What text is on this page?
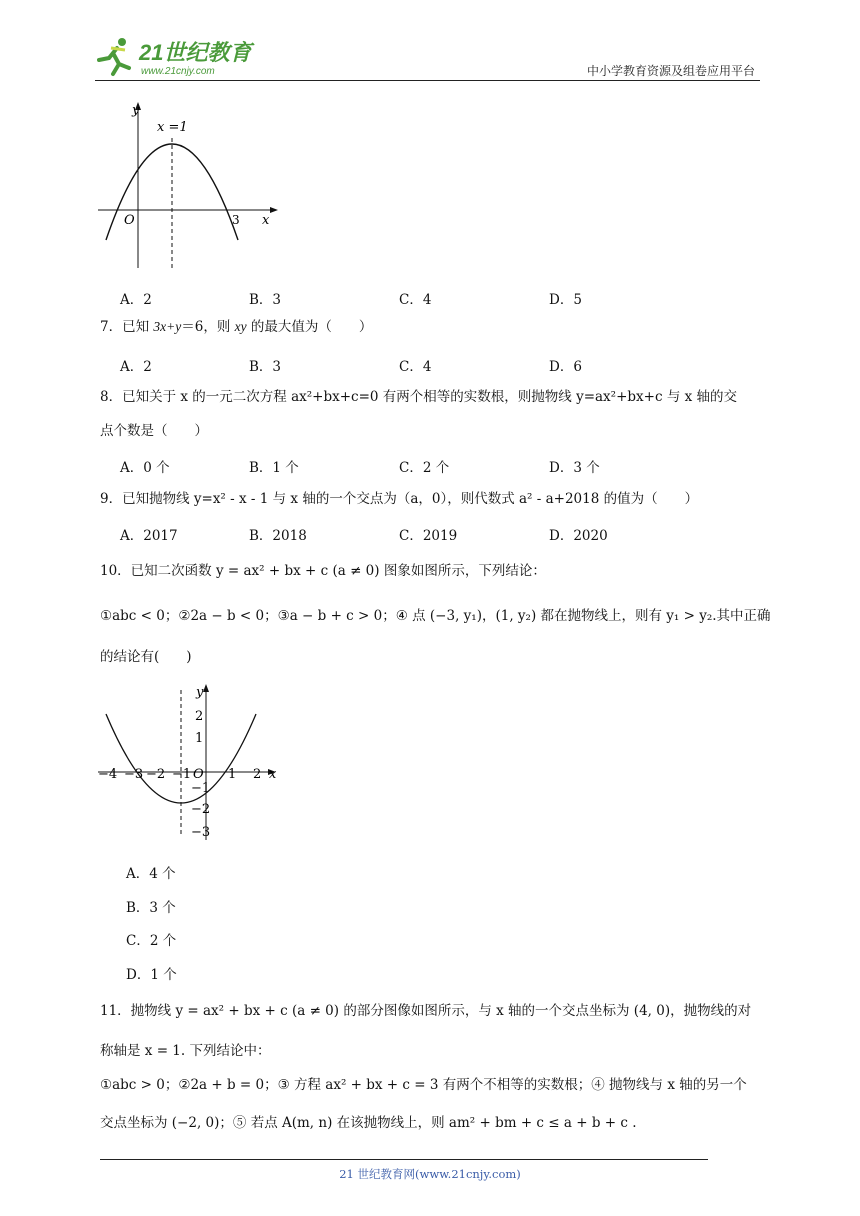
21世纪教育
www.21cnjy.com	中小学教育资源及组卷应用平台
y
x =1
O	3 x
A．2	B．3	C．4	D．5
7．已知 3x+y＝6，则 xy 的最大值为（　　）
A．2	B．3	C．4	D．6
8．已知关于 x 的一元二次方程 ax²+bx+c=0 有两个相等的实数根，则抛物线 y=ax²+bx+c 与 x 轴的交
点个数是（　　）
A．0 个	B．1 个	C．2 个	D．3 个
9．已知抛物线 y=x² - x - 1 与 x 轴的一个交点为（a，0），则代数式 a² - a+2018 的值为（　　）
A．2017	B．2018	C．2019	D．2020
10．已知二次函数 y = ax² + bx + c (a ≠ 0) 图象如图所示，下列结论：
①abc < 0；②2a − b < 0；③a − b + c > 0；④ 点 (−3, y₁)，(1, y₂) 都在抛物线上，则有 y₁ > y₂.其中正确
的结论有(　　)
−4 −3 −2 −1 O 1 2 x
y
2
1
−1
−2
−3
A．4 个
B．3 个
C．2 个
D．1 个
11．抛物线 y = ax² + bx + c (a ≠ 0) 的部分图像如图所示，与 x 轴的一个交点坐标为 (4, 0)，抛物线的对
称轴是 x = 1. 下列结论中：
①abc > 0；②2a + b = 0；③ 方程 ax² + bx + c = 3 有两个不相等的实数根；④ 抛物线与 x 轴的另一个
交点坐标为 (−2, 0)；⑤ 若点 A(m, n) 在该抛物线上，则 am² + bm + c ≤ a + b + c .
21 世纪教育网(www.21cnjy.com)
